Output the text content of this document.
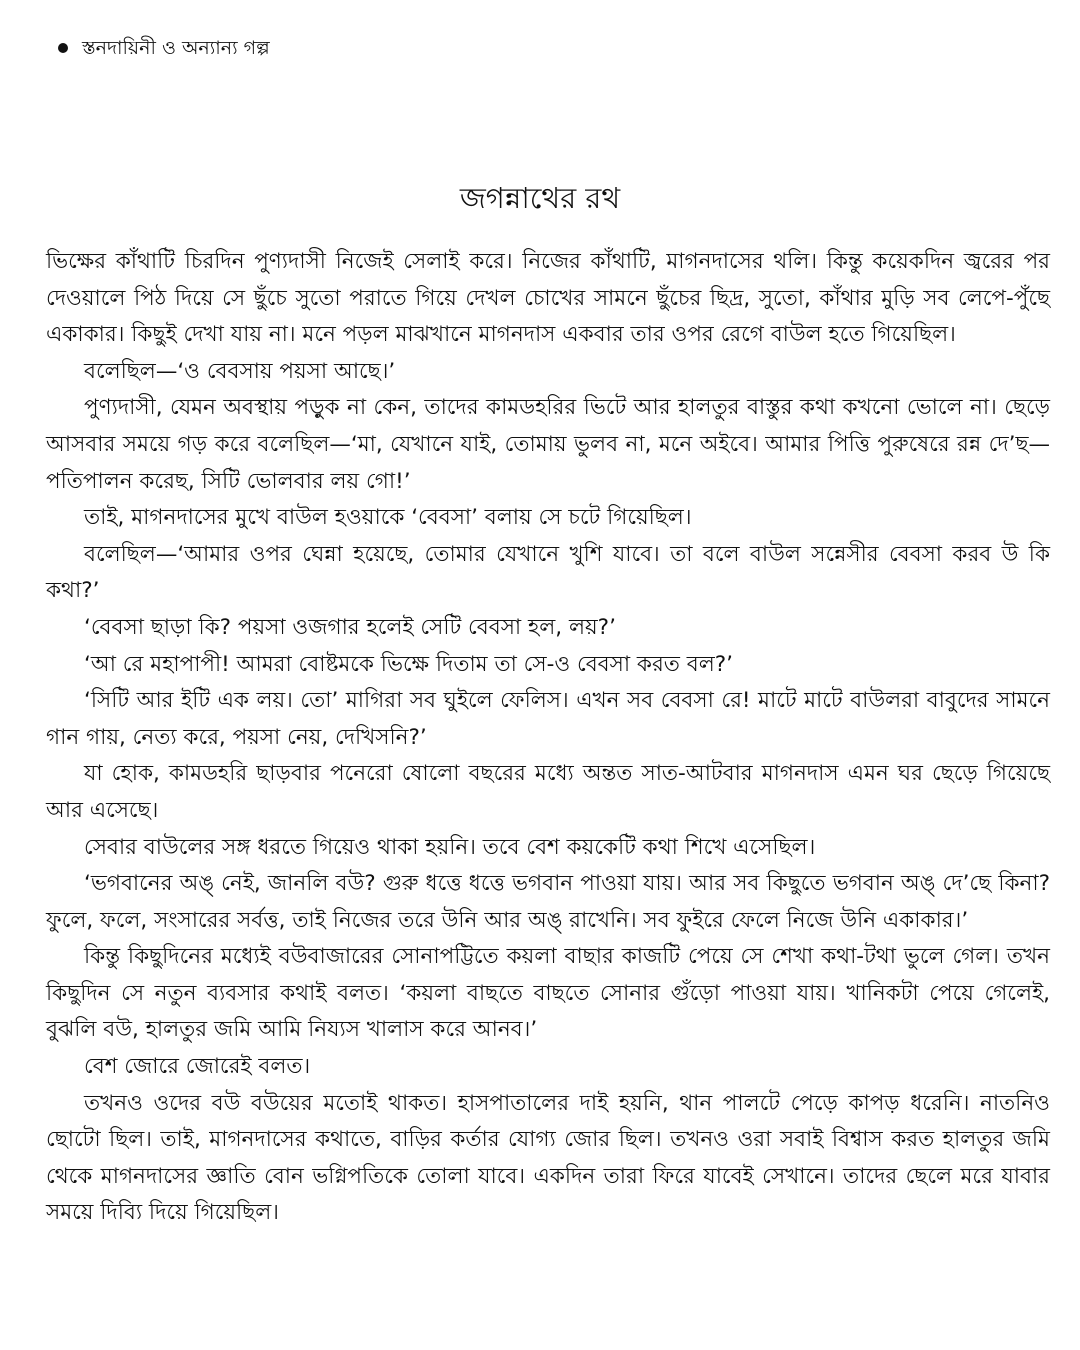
স্তনদায়িনী ও অন্যান্য গল্প
জগন্নাথের রথ

ভিক্ষের কাঁথাটি চিরদিন পুণ্যদাসী নিজেই সেলাই করে। নিজের কাঁথাটি, মাগনদাসের থলি। কিন্তু কয়েকদিন জ্বরের পর দেওয়ালে পিঠ দিয়ে সে ছুঁচে সুতো পরাতে গিয়ে দেখল চোখের সামনে ছুঁচের ছিদ্র, সুতো, কাঁথার মুড়ি সব লেপে-পুঁছে একাকার। কিছুই দেখা যায় না। মনে পড়ল মাঝখানে মাগনদাস একবার তার ওপর রেগে বাউল হতে গিয়েছিল।

বলেছিল—‘ও বেবসায় পয়সা আছে।’

পুণ্যদাসী, যেমন অবস্থায় পড়ুক না কেন, তাদের কামডহরির ভিটে আর হালতুর বাস্তুর কথা কখনো ভোলে না। ছেড়ে আসবার সময়ে গড় করে বলেছিল—‘মা, যেখানে যাই, তোমায় ভুলব না, মনে অইবে। আমার পিত্তি পুরুষেরে রন্ন দে’ছ—পতিপালন করেছ, সিটি ভোলবার লয় গো!’

তাই, মাগনদাসের মুখে বাউল হওয়াকে ‘বেবসা’ বলায় সে চটে গিয়েছিল।

বলেছিল—‘আমার ওপর ঘেন্না হয়েছে, তোমার যেখানে খুশি যাবে। তা বলে বাউল সন্নেসীর বেবসা করব উ কি কথা?’

‘বেবসা ছাড়া কি? পয়সা ওজগার হলেই সেটি বেবসা হল, লয়?’

‘আ রে মহাপাপী! আমরা বোষ্টমকে ভিক্ষে দিতাম তা সে-ও বেবসা করত বল?’

‘সিটি আর ইটি এক লয়। তো’ মাগিরা সব ঘুইলে ফেলিস। এখন সব বেবসা রে! মাটে মাটে বাউলরা বাবুদের সামনে গান গায়, নেত্য করে, পয়সা নেয়, দেখিসনি?’

যা হোক, কামডহরি ছাড়বার পনেরো ষোলো বছরের মধ্যে অন্তত সাত-আটবার মাগনদাস এমন ঘর ছেড়ে গিয়েছে আর এসেছে।

সেবার বাউলের সঙ্গ ধরতে গিয়েও থাকা হয়নি। তবে বেশ কয়কেটি কথা শিখে এসেছিল।

‘ভগবানের অঙ্ নেই, জানলি বউ? গুরু ধত্তে ধত্তে ভগবান পাওয়া যায়। আর সব কিছুতে ভগবান অঙ্ দে’ছে কিনা? ফুলে, ফলে, সংসারের সর্বত্ত, তাই নিজের তরে উনি আর অঙ্ রাখেনি। সব ফুইরে ফেলে নিজে উনি একাকার।’

কিন্তু কিছুদিনের মধ্যেই বউবাজারের সোনাপট্টিতে কয়লা বাছার কাজটি পেয়ে সে শেখা কথা-টথা ভুলে গেল। তখন কিছুদিন সে নতুন ব্যবসার কথাই বলত। ‘কয়লা বাছতে বাছতে সোনার গুঁড়ো পাওয়া যায়। খানিকটা পেয়ে গেলেই, বুঝলি বউ, হালতুর জমি আমি নিয্যস খালাস করে আনব।’

বেশ জোরে জোরেই বলত।

তখনও ওদের বউ বউয়ের মতোই থাকত। হাসপাতালের দাই হয়নি, থান পালটে পেড়ে কাপড় ধরেনি। নাতনিও ছোটো ছিল। তাই, মাগনদাসের কথাতে, বাড়ির কর্তার যোগ্য জোর ছিল। তখনও ওরা সবাই বিশ্বাস করত হালতুর জমি থেকে মাগনদাসের জ্ঞাতি বোন ভগ্নিপতিকে তোলা যাবে। একদিন তারা ফিরে যাবেই সেখানে। তাদের ছেলে মরে যাবার সময়ে দিব্যি দিয়ে গিয়েছিল।
